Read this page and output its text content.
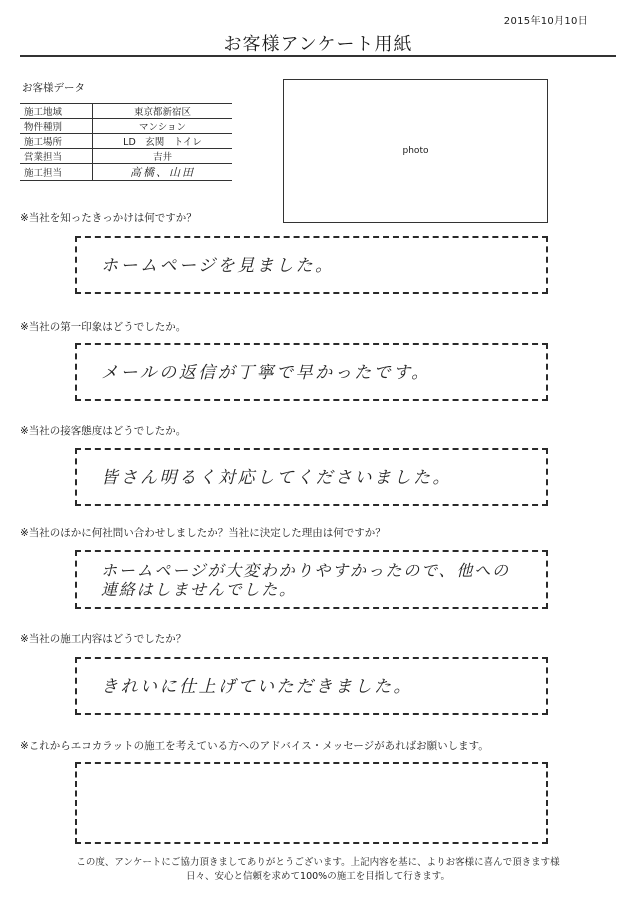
2015年10月10日
お客様アンケート用紙
お客様データ
施工地域	東京都新宿区
物件種別	マンション
施工場所	LD　玄関　トイレ
営業担当	吉井
施工担当	高橋、山田
photo
※当社を知ったきっかけは何ですか？
ホームページを見ました。
※当社の第一印象はどうでしたか。
メールの返信が丁寧で早かったです。
※当社の接客態度はどうでしたか。
皆さん明るく対応してくださいました。
※当社のほかに何社問い合わせしましたか？当社に決定した理由は何ですか？
ホームページが大変わかりやすかったので、他への連絡はしませんでした。
※当社の施工内容はどうでしたか？
きれいに仕上げていただきました。
※これからエコカラットの施工を考えている方へのアドバイス・メッセージがあればお願いします。
この度、アンケートにご協力頂きましてありがとうございます。上記内容を基に、よりお客様に喜んで頂きます様
日々、安心と信頼を求めて100%の施工を目指して行きます。
